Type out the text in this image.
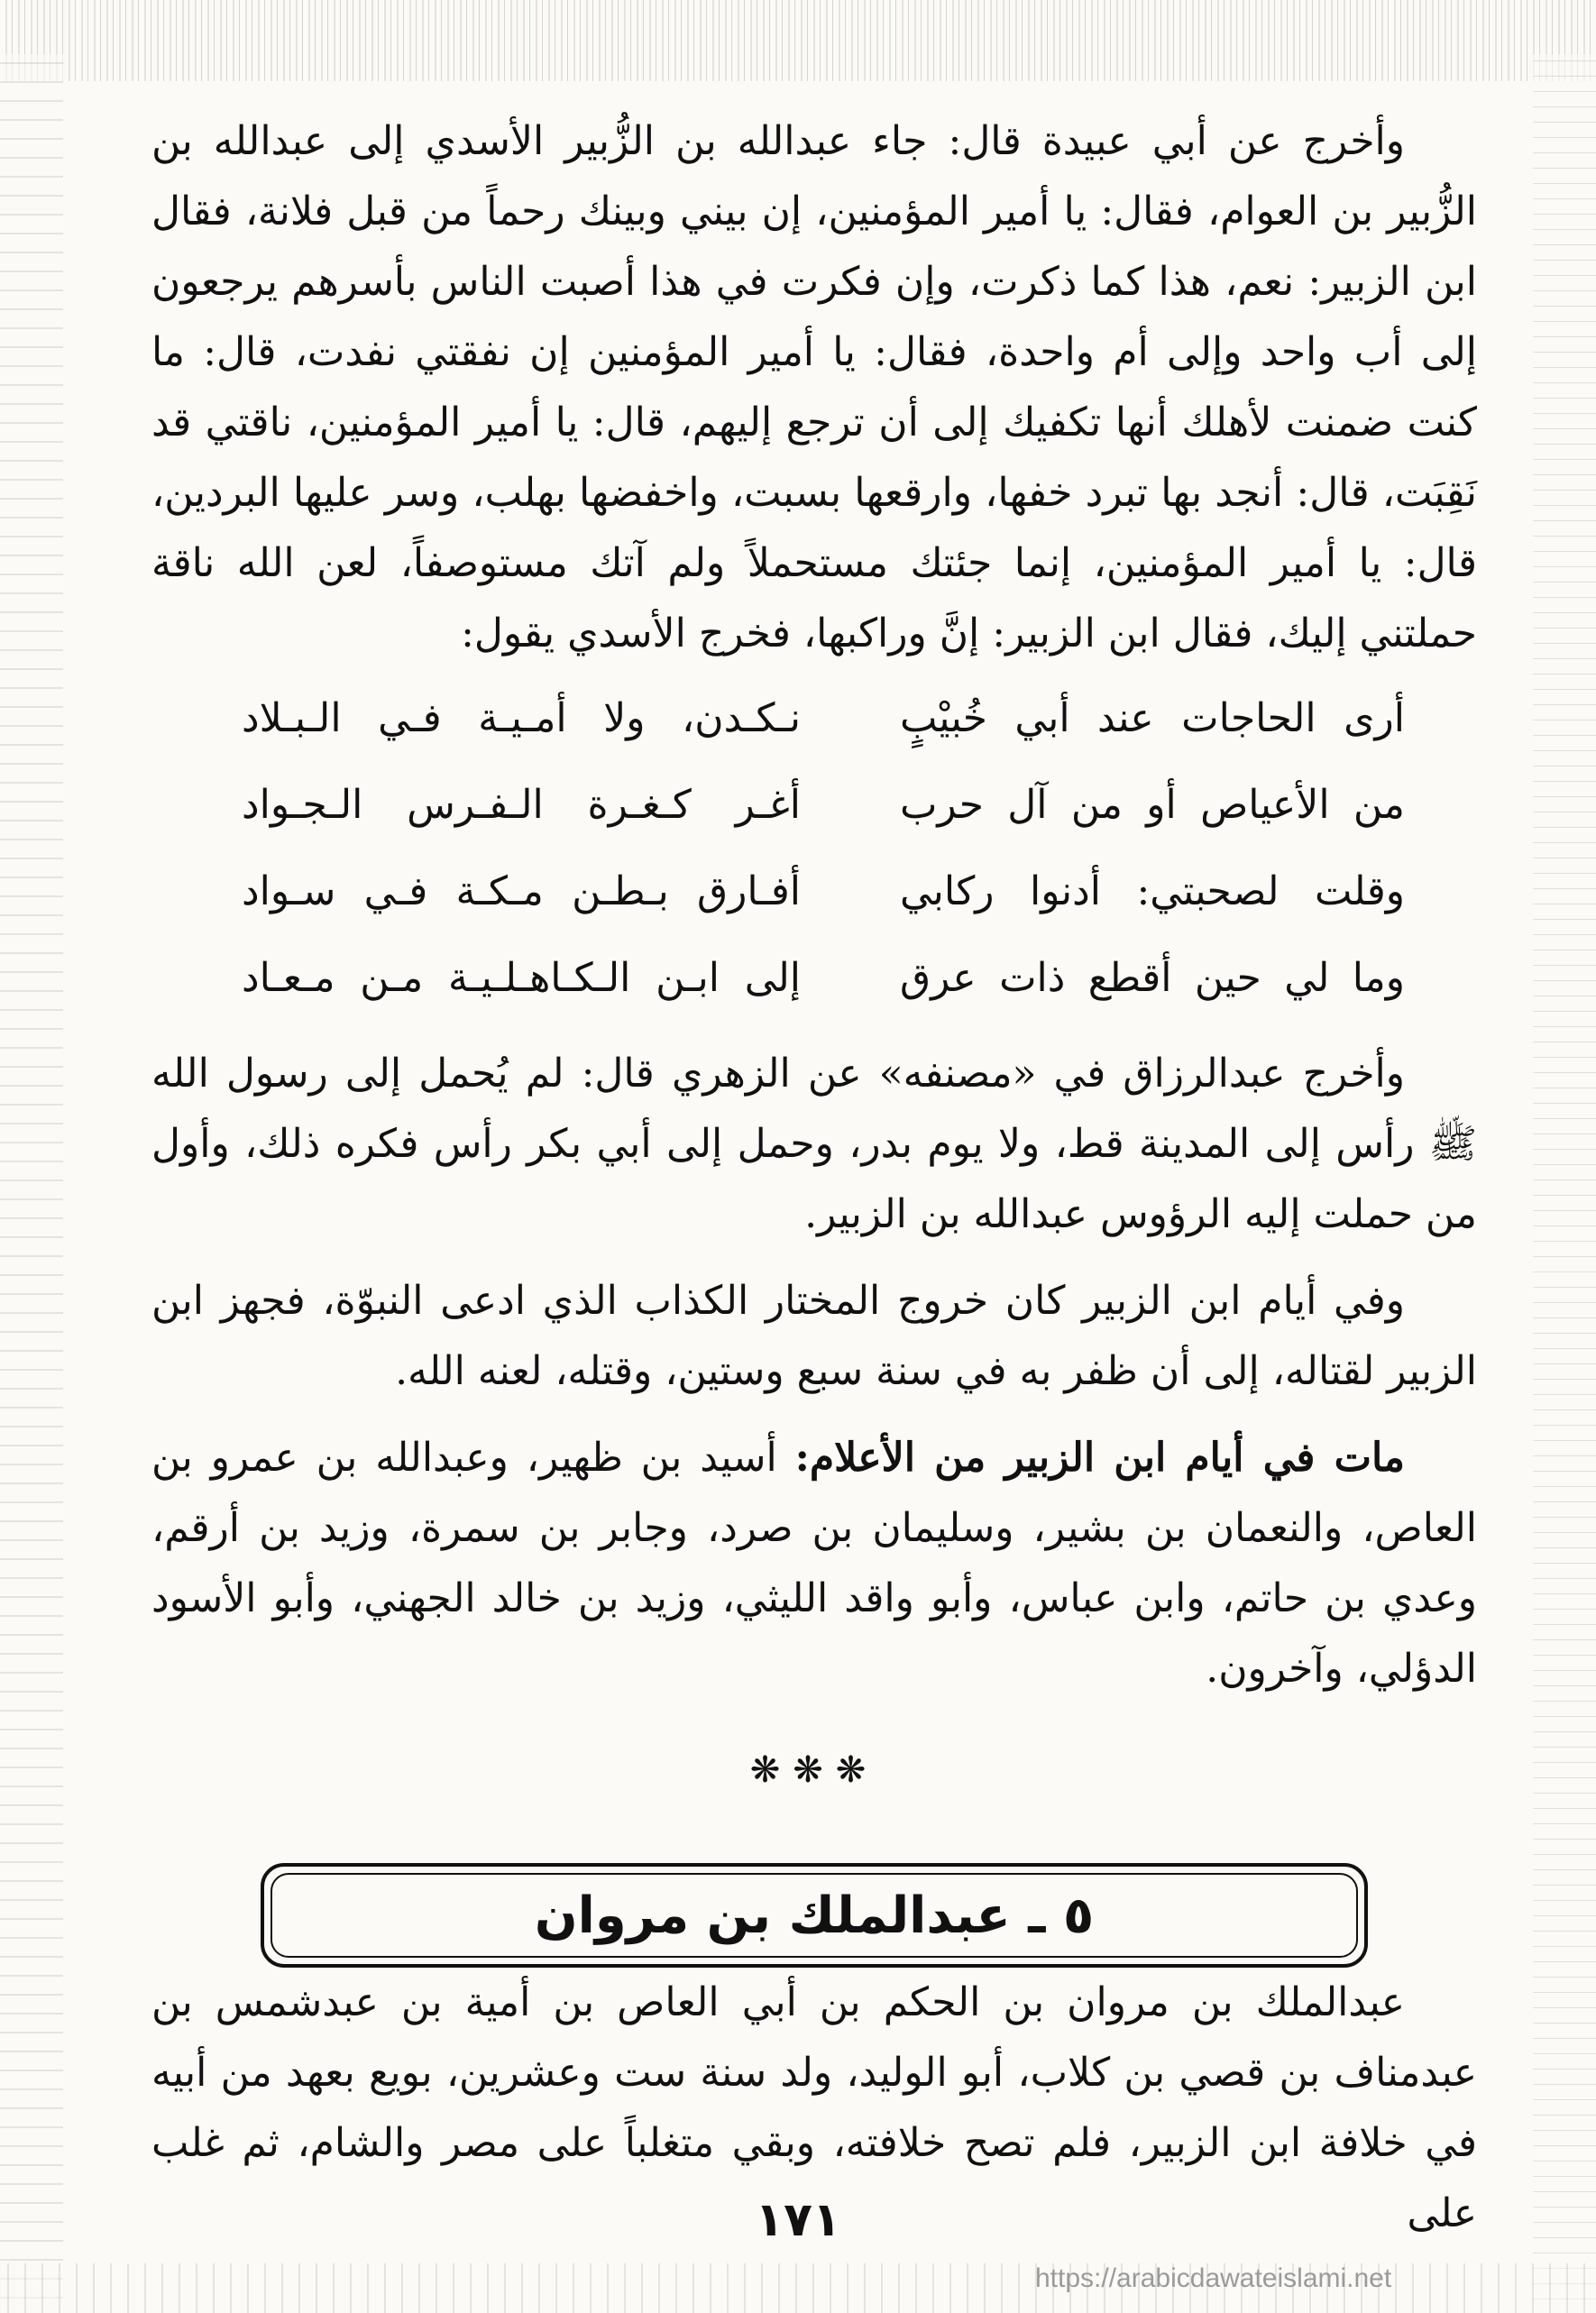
وأخرج عن أبي عبيدة قال: جاء عبدالله بن الزُّبير الأسدي إلى عبدالله بن الزُّبير بن العوام، فقال: يا أمير المؤمنين، إن بيني وبينك رحماً من قبل فلانة، فقال ابن الزبير: نعم، هذا كما ذكرت، وإن فكرت في هذا أصبت الناس بأسرهم يرجعون إلى أب واحد وإلى أم واحدة، فقال: يا أمير المؤمنين إن نفقتي نفدت، قال: ما كنت ضمنت لأهلك أنها تكفيك إلى أن ترجع إليهم، قال: يا أمير المؤمنين، ناقتي قد نَقِبَت، قال: أنجد بها تبرد خفها، وارقعها بسبت، واخفضها بهلب، وسر عليها البردين، قال: يا أمير المؤمنين، إنما جئتك مستحملاً ولم آتك مستوصفاً، لعن الله ناقة حملتني إليك، فقال ابن الزبير: إنَّ وراكبها، فخرج الأسدي يقول:

أرى الحاجات عند أبي خُبيْبٍ
نـكـدن، ولا أمـيـة فـي الـبـلاد
من الأعياص أو من آل حرب
أغـر كـغـرة الـفـرس الـجـواد
وقلت لصحبتي: أدنوا ركابي
أفـارق بـطـن مـكـة فـي سـواد
وما لي حين أقطع ذات عرق
إلى ابـن الـكـاهـلـيـة مـن مـعـاد

وأخرج عبدالرزاق في «مصنفه» عن الزهري قال: لم يُحمل إلى رسول الله ﷺ رأس إلى المدينة قط، ولا يوم بدر، وحمل إلى أبي بكر رأس فكره ذلك، وأول من حملت إليه الرؤوس عبدالله بن الزبير.

وفي أيام ابن الزبير كان خروج المختار الكذاب الذي ادعى النبوّة، فجهز ابن الزبير لقتاله، إلى أن ظفر به في سنة سبع وستين، وقتله، لعنه الله.

مات في أيام ابن الزبير من الأعلام: أسيد بن ظهير، وعبدالله بن عمرو بن العاص، والنعمان بن بشير، وسليمان بن صرد، وجابر بن سمرة، وزيد بن أرقم، وعدي بن حاتم، وابن عباس، وأبو واقد الليثي، وزيد بن خالد الجهني، وأبو الأسود الدؤلي، وآخرون.

❋❋❋
٥ ـ عبدالملك بن مروان

عبدالملك بن مروان بن الحكم بن أبي العاص بن أمية بن عبدشمس بن عبدمناف بن قصي بن كلاب، أبو الوليد، ولد سنة ست وعشرين، بويع بعهد من أبيه في خلافة ابن الزبير، فلم تصح خلافته، وبقي متغلباً على مصر والشام، ثم غلب على

١٧١
https://arabicdawateislami.net
